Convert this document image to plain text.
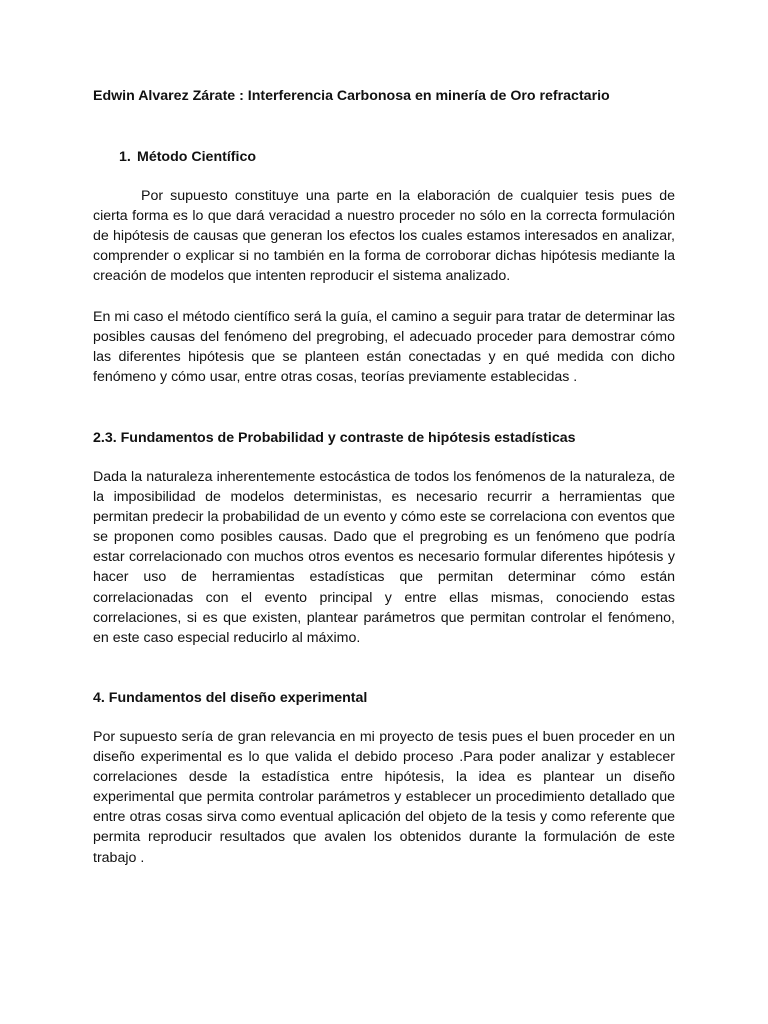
Edwin Alvarez Zárate : Interferencia Carbonosa en minería de Oro refractario
1. Método Científico

Por supuesto constituye una parte en la elaboración de cualquier tesis pues de cierta forma es lo que dará veracidad a nuestro proceder no sólo en la correcta formulación de hipótesis de causas que generan los efectos los cuales estamos interesados en analizar, comprender o explicar si no también en la forma de corroborar dichas hipótesis mediante la creación de modelos que intenten reproducir el sistema analizado.

En mi caso el método científico será la guía, el camino a seguir para tratar de determinar las posibles causas del fenómeno del pregrobing, el adecuado proceder para demostrar cómo las diferentes hipótesis que se planteen están conectadas y en qué medida con dicho fenómeno y cómo usar, entre otras cosas, teorías previamente establecidas .

2.3. Fundamentos de Probabilidad y contraste de hipótesis estadísticas

Dada la naturaleza inherentemente estocástica de todos los fenómenos de la naturaleza, de la imposibilidad de modelos deterministas, es necesario recurrir a herramientas que permitan predecir la probabilidad de un evento y cómo este se correlaciona con eventos que se proponen como posibles causas. Dado que el pregrobing es un fenómeno que podría estar correlacionado con muchos otros eventos es necesario formular diferentes hipótesis y hacer uso de herramientas estadísticas que permitan determinar cómo están correlacionadas con el evento principal y entre ellas mismas, conociendo estas correlaciones, si es que existen, plantear parámetros que permitan controlar el fenómeno, en este caso especial reducirlo al máximo.

4. Fundamentos del diseño experimental

Por supuesto sería de gran relevancia en mi proyecto de tesis pues el buen proceder en un diseño experimental es lo que valida el debido proceso .Para poder analizar y establecer correlaciones desde la estadística entre hipótesis, la idea es plantear un diseño experimental que permita controlar parámetros y establecer un procedimiento detallado que entre otras cosas sirva como eventual aplicación del objeto de la tesis y como referente que permita reproducir resultados que avalen los obtenidos durante la formulación de este trabajo .
